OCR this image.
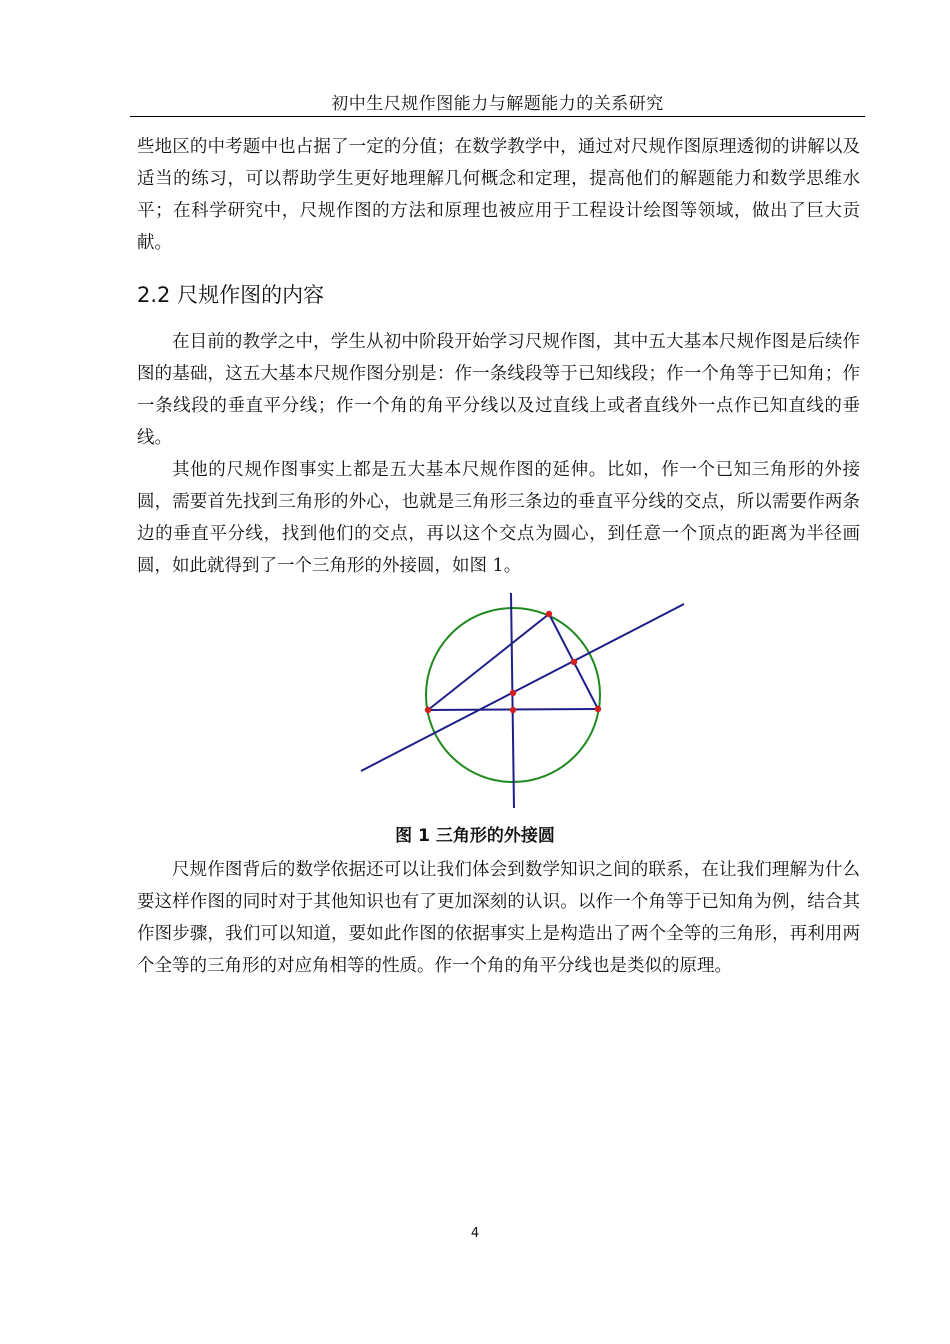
初中生尺规作图能力与解题能力的关系研究

些地区的中考题中也占据了一定的分值；在数学教学中，通过对尺规作图原理透彻的讲解以及适当的练习，可以帮助学生更好地理解几何概念和定理，提高他们的解题能力和数学思维水平；在科学研究中，尺规作图的方法和原理也被应用于工程设计绘图等领域，做出了巨大贡献。

2.2 尺规作图的内容

在目前的教学之中，学生从初中阶段开始学习尺规作图，其中五大基本尺规作图是后续作图的基础，这五大基本尺规作图分别是：作一条线段等于已知线段；作一个角等于已知角；作一条线段的垂直平分线；作一个角的角平分线以及过直线上或者直线外一点作已知直线的垂线。

其他的尺规作图事实上都是五大基本尺规作图的延伸。比如，作一个已知三角形的外接圆，需要首先找到三角形的外心，也就是三角形三条边的垂直平分线的交点，所以需要作两条边的垂直平分线，找到他们的交点，再以这个交点为圆心，到任意一个顶点的距离为半径画圆，如此就得到了一个三角形的外接圆，如图 1。

图 1 三角形的外接圆

尺规作图背后的数学依据还可以让我们体会到数学知识之间的联系，在让我们理解为什么要这样作图的同时对于其他知识也有了更加深刻的认识。以作一个角等于已知角为例，结合其作图步骤，我们可以知道，要如此作图的依据事实上是构造出了两个全等的三角形，再利用两个全等的三角形的对应角相等的性质。作一个角的角平分线也是类似的原理。

4
